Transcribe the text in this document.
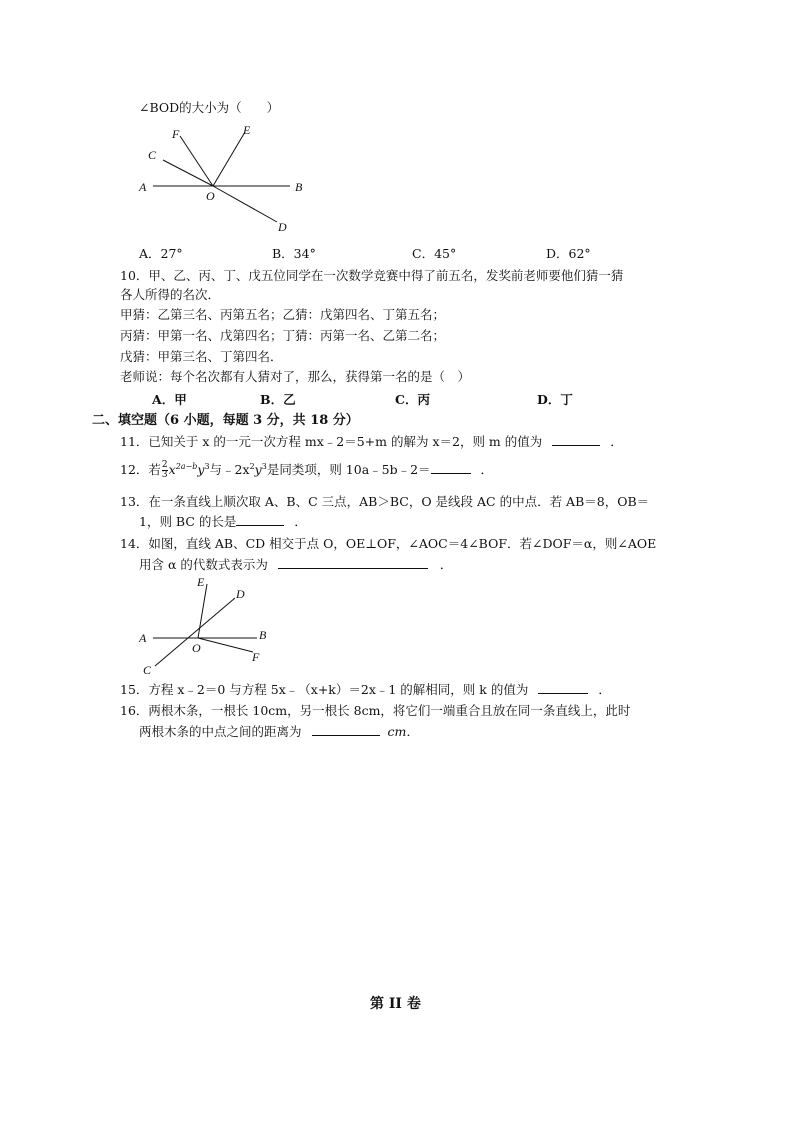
∠BOD的大小为（　　）
F	E
C
A
O
B
D
A．27°	B．34°	C．45°	D．62°
10．甲、乙、丙、丁、戊五位同学在一次数学竞赛中得了前五名，发奖前老师要他们猜一猜
各人所得的名次．
甲猜：乙第三名、丙第五名；乙猜：戊第四名、丁第五名；
丙猜：甲第一名、戊第四名；丁猜：丙第一名、乙第二名；
戊猜：甲第三名、丁第四名．
老师说：每个名次都有人猜对了，那么，获得第一名的是（　）
A．甲	B．乙	C．丙	D．丁
二、填空题（6 小题，每题 3 分，共 18 分）
11．已知关于 x 的一元一次方程 mx﹣2＝5+m 的解为 x＝2，则 m 的值为	．
12．若 $\frac{2}{3} x^{2a-b}y^3$与$﹣2x^2y^3$是同类项，则 10a﹣5b﹣2＝	．
13．在一条直线上顺次取 A、B、C 三点，AB＞BC，O 是线段 AC 的中点．若 AB＝8，OB＝
1，则 BC 的长是	．
14．如图，直线 AB、CD 相交于点 O，OE⊥OF，∠AOC＝4∠BOF．若∠DOF＝α，则∠AOE
用含 α 的代数式表示为	．
E
D
A	B
O
F
C
15．方程 x﹣2＝0 与方程 5x﹣（x+k）＝2x﹣1 的解相同，则 k 的值为	．
16．两根木条，一根长 10cm，另一根长 8cm，将它们一端重合且放在同一条直线上，此时
两根木条的中点之间的距离为	cm．
第 II 卷
